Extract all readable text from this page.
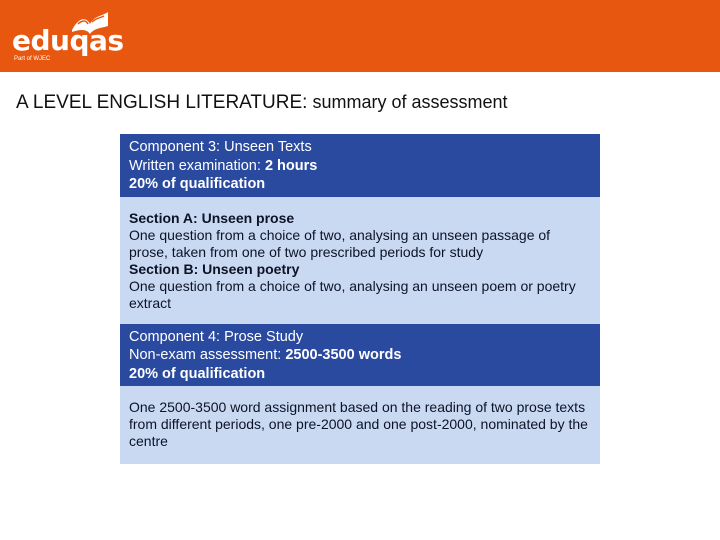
eduqas
Part of WJEC
A LEVEL ENGLISH LITERATURE: summary of assessment
Component 3: Unseen Texts
Written examination: 2 hours
20% of qualification
Section A: Unseen prose
One question from a choice of two, analysing an unseen passage of prose, taken from one of two prescribed periods for study
Section B: Unseen poetry
One question from a choice of two, analysing an unseen poem or poetry extract
Component 4: Prose Study
Non-exam assessment: 2500-3500 words
20% of qualification
One 2500-3500 word assignment based on the reading of two prose texts from different periods, one pre-2000 and one post-2000, nominated by the centre
